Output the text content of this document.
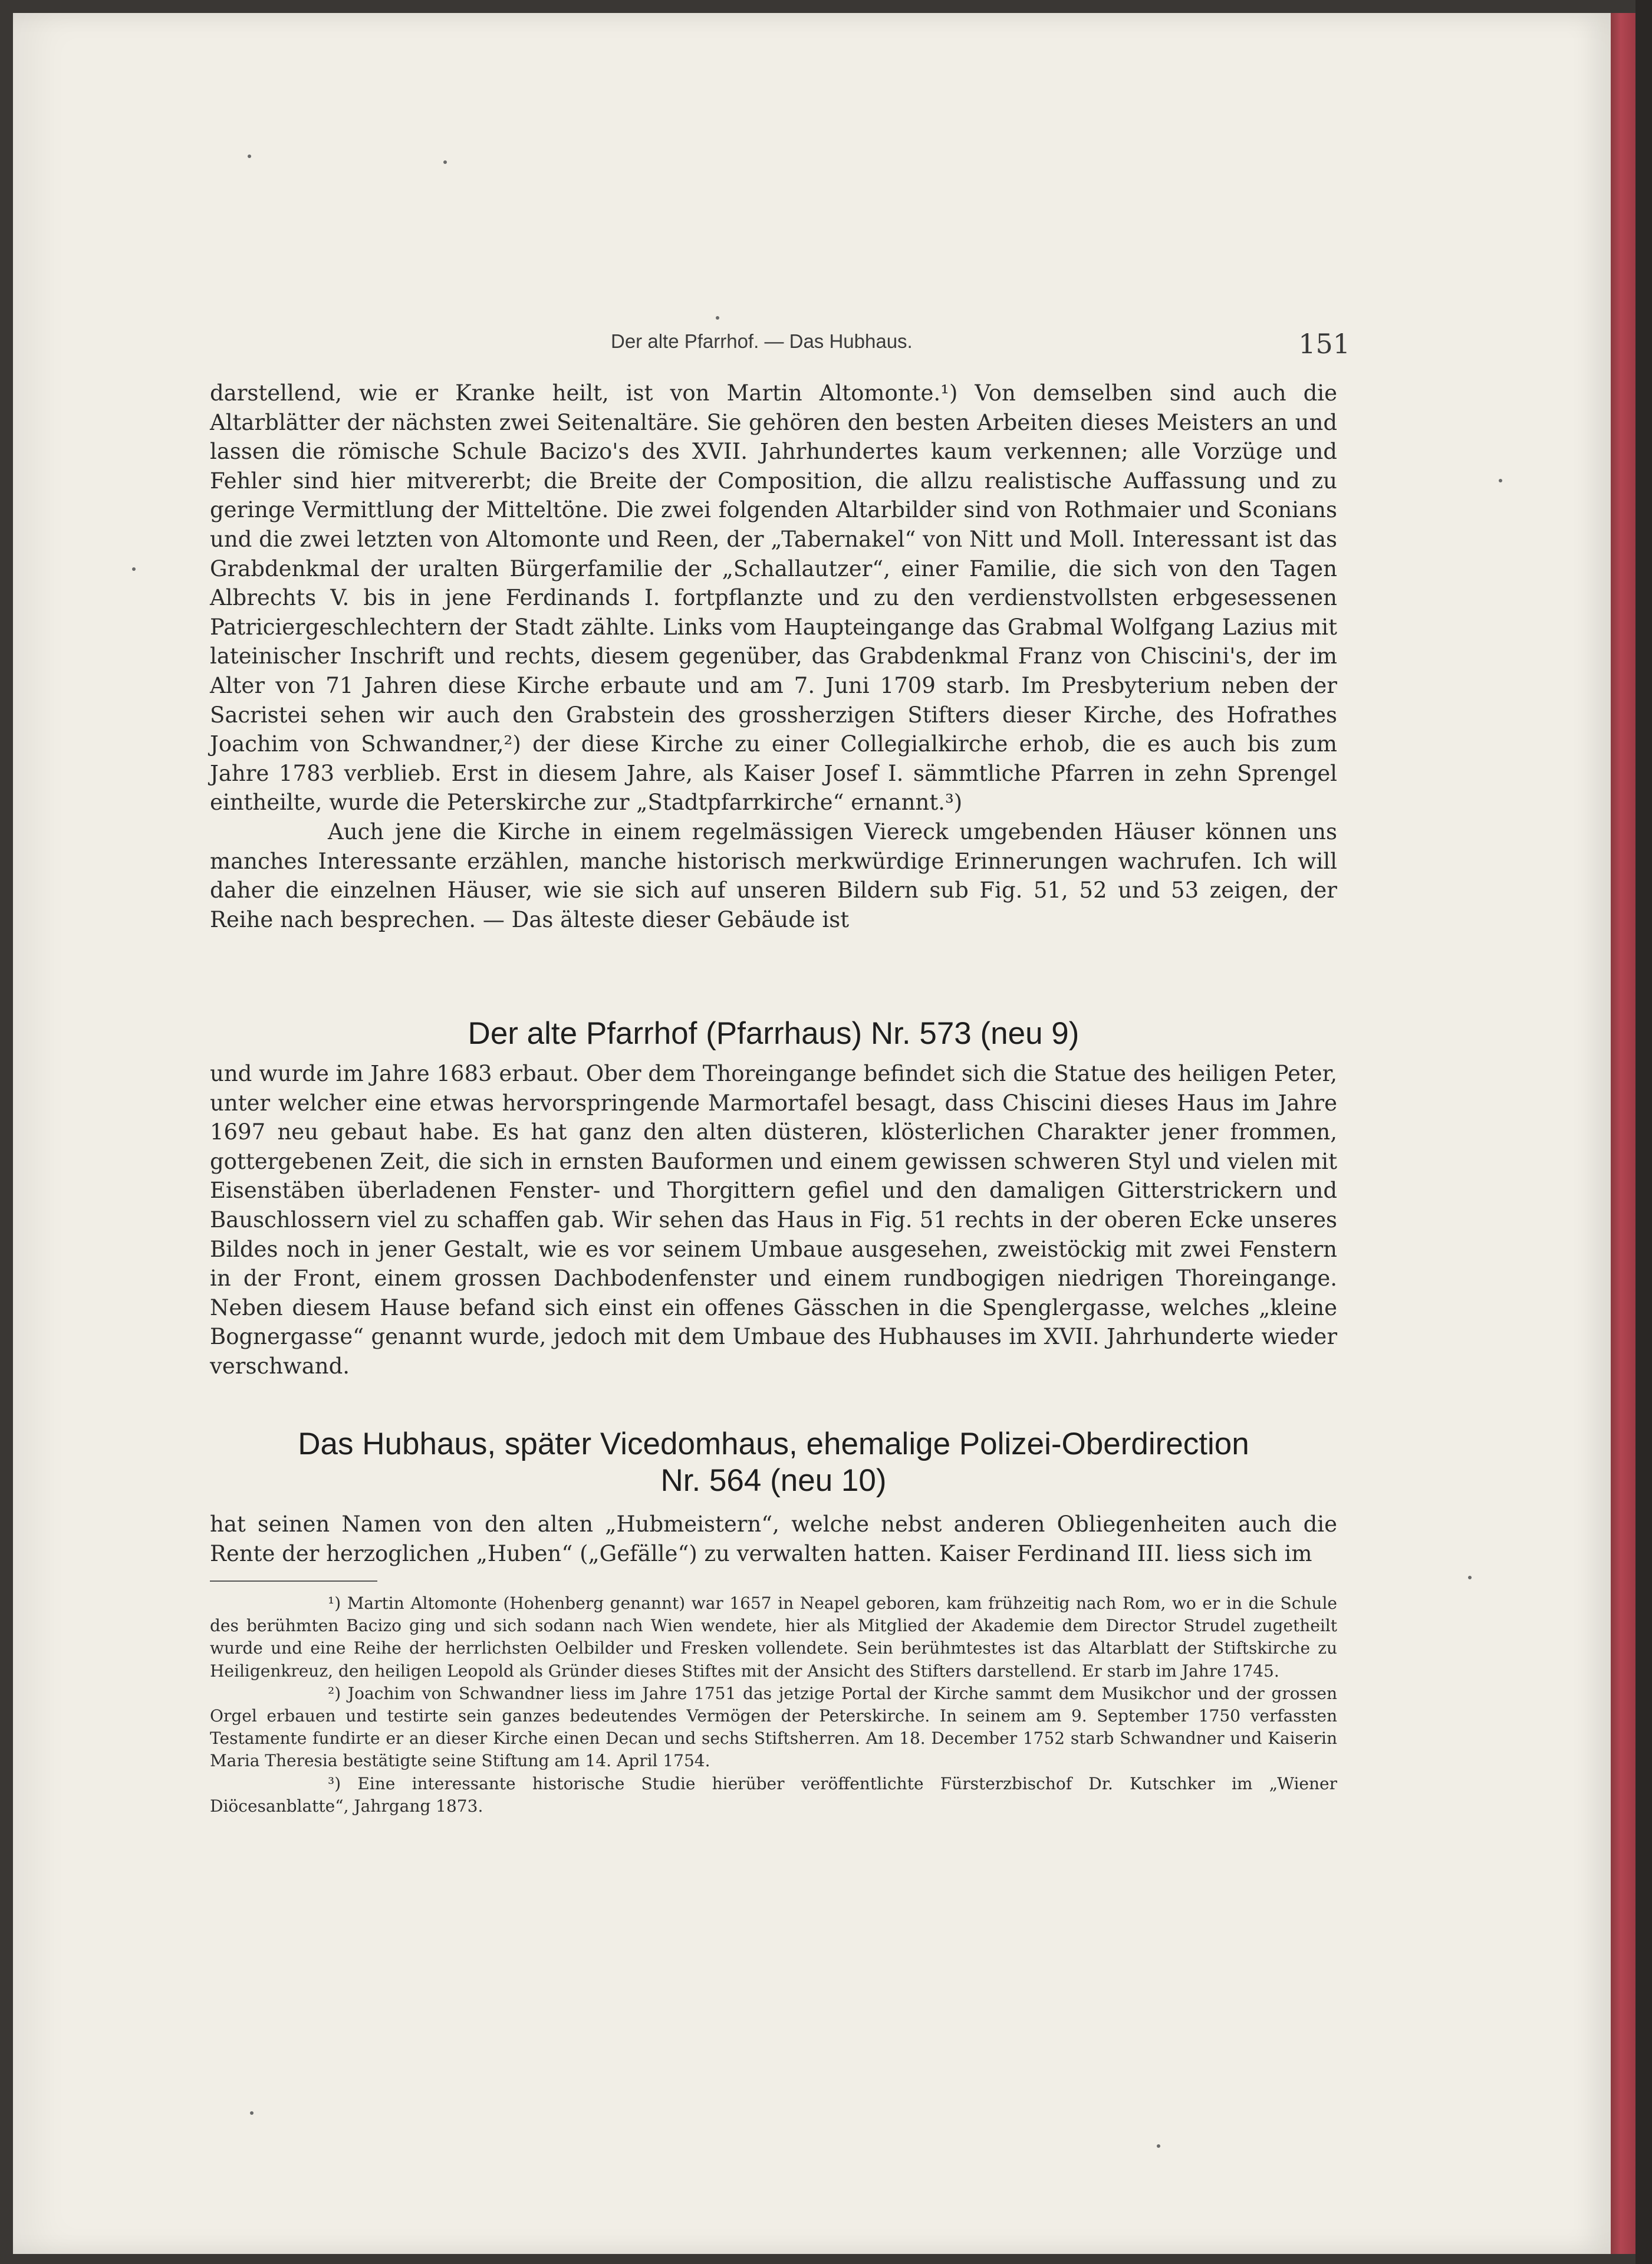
Der alte Pfarrhof. — Das Hubhaus.	151

darstellend, wie er Kranke heilt, ist von Martin Altomonte.¹) Von demselben sind auch die Altarblätter der nächsten zwei Seitenaltäre. Sie gehören den besten Arbeiten dieses Meisters an und lassen die römische Schule Bacizo's des XVII. Jahrhundertes kaum verkennen; alle Vorzüge und Fehler sind hier mitvererbt; die Breite der Composition, die allzu realistische Auffassung und zu geringe Vermittlung der Mitteltöne. Die zwei folgenden Altarbilder sind von Rothmaier und Sconians und die zwei letzten von Altomonte und Reen, der „Tabernakel“ von Nitt und Moll. Interessant ist das Grabdenkmal der uralten Bürgerfamilie der „Schallautzer“, einer Familie, die sich von den Tagen Albrechts V. bis in jene Ferdinands I. fortpflanzte und zu den verdienstvollsten erbgesessenen Patriciergeschlechtern der Stadt zählte. Links vom Haupteingange das Grabmal Wolfgang Lazius mit lateinischer Inschrift und rechts, diesem gegenüber, das Grabdenkmal Franz von Chiscini's, der im Alter von 71 Jahren diese Kirche erbaute und am 7. Juni 1709 starb. Im Presbyterium neben der Sacristei sehen wir auch den Grabstein des grossherzigen Stifters dieser Kirche, des Hofrathes Joachim von Schwandner,²) der diese Kirche zu einer Collegialkirche erhob, die es auch bis zum Jahre 1783 verblieb. Erst in diesem Jahre, als Kaiser Josef I. sämmtliche Pfarren in zehn Sprengel eintheilte, wurde die Peterskirche zur „Stadtpfarrkirche“ ernannt.³)

Auch jene die Kirche in einem regelmässigen Viereck umgebenden Häuser können uns manches Interessante erzählen, manche historisch merkwürdige Erinnerungen wachrufen. Ich will daher die einzelnen Häuser, wie sie sich auf unseren Bildern sub Fig. 51, 52 und 53 zeigen, der Reihe nach besprechen. — Das älteste dieser Gebäude ist

Der alte Pfarrhof (Pfarrhaus) Nr. 573 (neu 9)

und wurde im Jahre 1683 erbaut. Ober dem Thoreingange befindet sich die Statue des heiligen Peter, unter welcher eine etwas hervorspringende Marmortafel besagt, dass Chiscini dieses Haus im Jahre 1697 neu gebaut habe. Es hat ganz den alten düsteren, klösterlichen Charakter jener frommen, gottergebenen Zeit, die sich in ernsten Bauformen und einem gewissen schweren Styl und vielen mit Eisenstäben überladenen Fenster- und Thorgittern gefiel und den damaligen Gitterstrickern und Bauschlossern viel zu schaffen gab. Wir sehen das Haus in Fig. 51 rechts in der oberen Ecke unseres Bildes noch in jener Gestalt, wie es vor seinem Umbaue ausgesehen, zweistöckig mit zwei Fenstern in der Front, einem grossen Dachbodenfenster und einem rundbogigen niedrigen Thoreingange. Neben diesem Hause befand sich einst ein offenes Gässchen in die Spenglergasse, welches „kleine Bognergasse“ genannt wurde, jedoch mit dem Umbaue des Hubhauses im XVII. Jahrhunderte wieder verschwand.

Das Hubhaus, später Vicedomhaus, ehemalige Polizei-Oberdirection
Nr. 564 (neu 10)

hat seinen Namen von den alten „Hubmeistern“, welche nebst anderen Obliegenheiten auch die Rente der herzoglichen „Huben“ („Gefälle“) zu verwalten hatten. Kaiser Ferdinand III. liess sich im

¹) Martin Altomonte (Hohenberg genannt) war 1657 in Neapel geboren, kam frühzeitig nach Rom, wo er in die Schule des berühmten Bacizo ging und sich sodann nach Wien wendete, hier als Mitglied der Akademie dem Director Strudel zugetheilt wurde und eine Reihe der herrlichsten Oelbilder und Fresken vollendete. Sein berühmtestes ist das Altarblatt der Stiftskirche zu Heiligenkreuz, den heiligen Leopold als Gründer dieses Stiftes mit der Ansicht des Stifters darstellend. Er starb im Jahre 1745.

²) Joachim von Schwandner liess im Jahre 1751 das jetzige Portal der Kirche sammt dem Musikchor und der grossen Orgel erbauen und testirte sein ganzes bedeutendes Vermögen der Peterskirche. In seinem am 9. September 1750 verfassten Testamente fundirte er an dieser Kirche einen Decan und sechs Stiftsherren. Am 18. December 1752 starb Schwandner und Kaiserin Maria Theresia bestätigte seine Stiftung am 14. April 1754.

³) Eine interessante historische Studie hierüber veröffentlichte Fürsterzbischof Dr. Kutschker im „Wiener Diöcesanblatte“, Jahrgang 1873.
